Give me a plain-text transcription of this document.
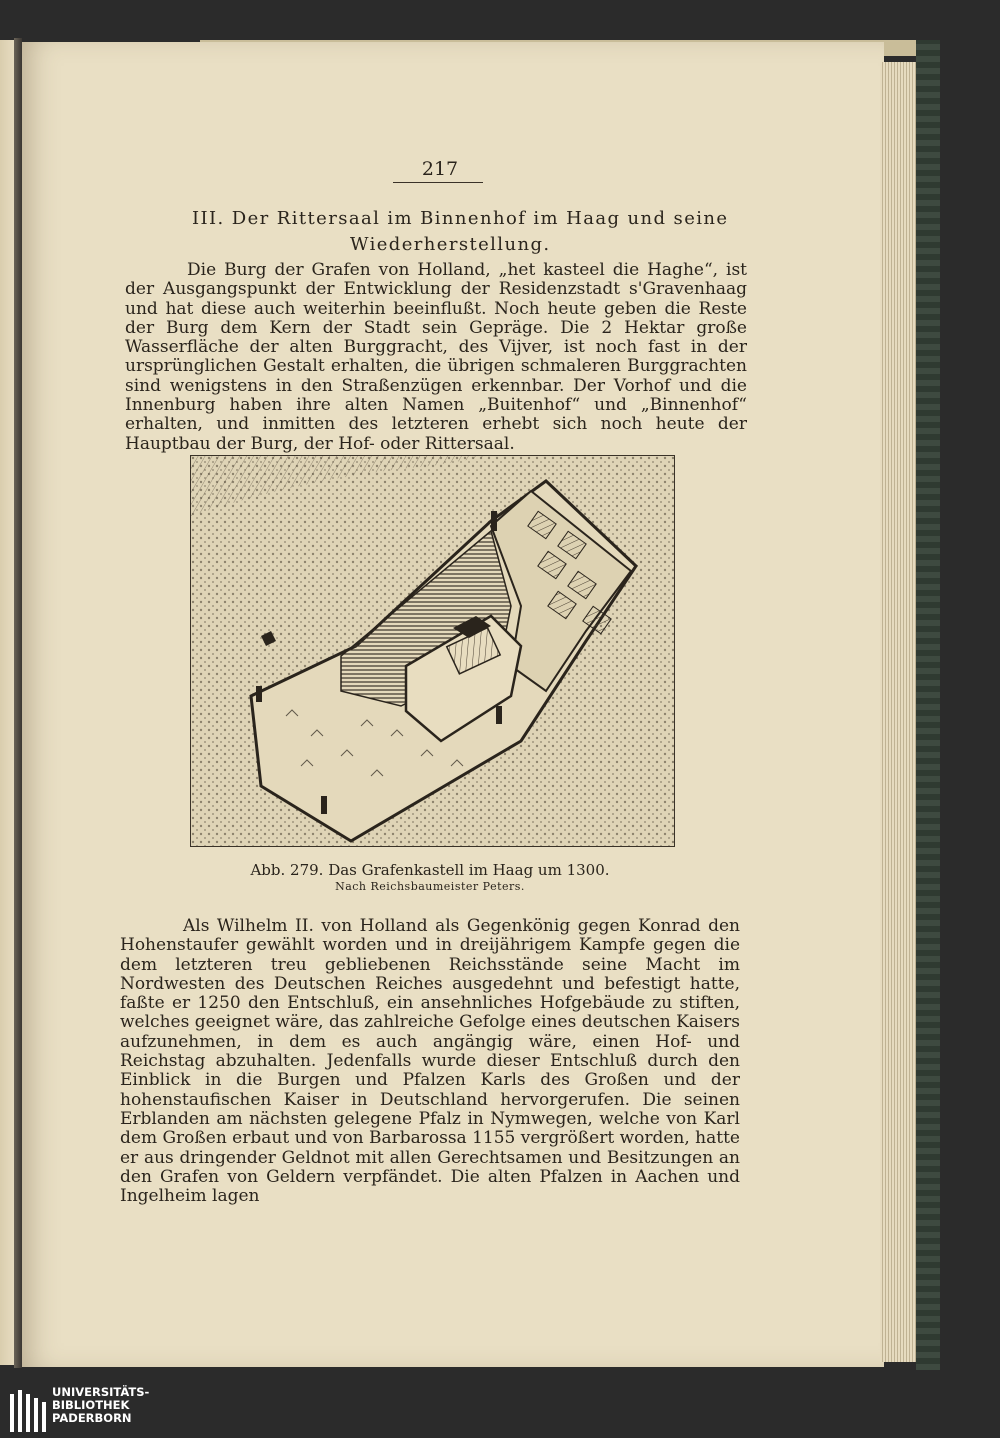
217
III. Der Rittersaal im Binnenhof im Haag und seine
Wiederherstellung.
Die Burg der Grafen von Holland, „het kasteel die Haghe“, ist der Ausgangspunkt der Entwicklung der Residenzstadt s'Gravenhaag und hat diese auch weiterhin beeinflußt. Noch heute geben die Reste der Burg dem Kern der Stadt sein Gepräge. Die 2 Hektar große Wasserfläche der alten Burggracht, des Vijver, ist noch fast in der ursprünglichen Gestalt erhalten, die übrigen schmaleren Burggrachten sind wenigstens in den Straßenzügen erkennbar. Der Vorhof und die Innenburg haben ihre alten Namen „Buitenhof“ und „Binnenhof“ erhalten, und inmitten des letzteren erhebt sich noch heute der Hauptbau der Burg, der Hof- oder Rittersaal.
Abb. 279. Das Grafenkastell im Haag um 1300.
Nach Reichsbaumeister Peters.
Als Wilhelm II. von Holland als Gegenkönig gegen Konrad den Hohenstaufer gewählt worden und in dreijährigem Kampfe gegen die dem letzteren treu gebliebenen Reichsstände seine Macht im Nordwesten des Deutschen Reiches ausgedehnt und befestigt hatte, faßte er 1250 den Entschluß, ein ansehnliches Hofgebäude zu stiften, welches geeignet wäre, das zahlreiche Gefolge eines deutschen Kaisers aufzunehmen, in dem es auch angängig wäre, einen Hof- und Reichstag abzuhalten. Jedenfalls wurde dieser Entschluß durch den Einblick in die Burgen und Pfalzen Karls des Großen und der hohenstaufischen Kaiser in Deutschland hervorgerufen. Die seinen Erblanden am nächsten gelegene Pfalz in Nymwegen, welche von Karl dem Großen erbaut und von Barbarossa 1155 vergrößert worden, hatte er aus dringender Geldnot mit allen Gerechtsamen und Besitzungen an den Grafen von Geldern verpfändet. Die alten Pfalzen in Aachen und Ingelheim lagen
UNIVERSITÄTS-
BIBLIOTHEK
PADERBORN
